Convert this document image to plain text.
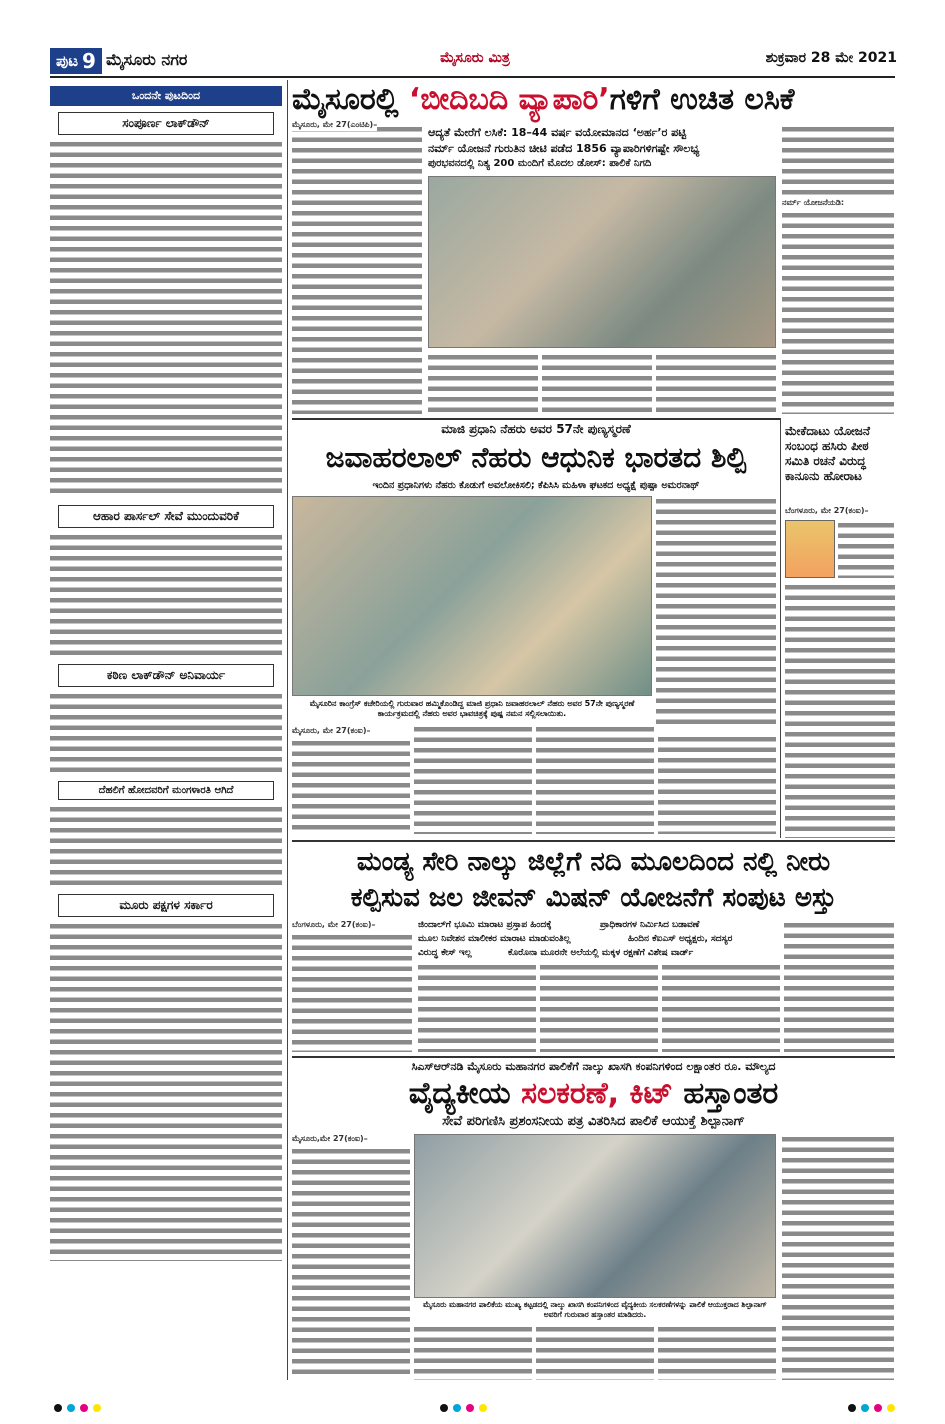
ಪುಟ 9 ಮೈಸೂರು ನಗರ	ಮೈಸೂರು ಮಿತ್ರ	ಶುಕ್ರವಾರ 28 ಮೇ 2021
ಒಂದನೇ ಪುಟದಿಂದ
ಸಂಪೂರ್ಣ ಲಾಕ್‌ಡೌನ್
ಆಹಾರ ಪಾರ್ಸಲ್ ಸೇವೆ ಮುಂದುವರಿಕೆ
ಕಠಿಣ ಲಾಕ್‌ಡೌನ್ ಅನಿವಾರ್ಯ
ದೆಹಲಿಗೆ ಹೋದವರಿಗೆ ಮಂಗಳಾರತಿ ಆಗಿದೆ
ಮೂರು ಪಕ್ಷಗಳ ಸರ್ಕಾರ
ಮೈಸೂರಲ್ಲಿ ‘ಬೀದಿಬದಿ ವ್ಯಾಪಾರಿ’ಗಳಿಗೆ ಉಚಿತ ಲಸಿಕೆ
ಮೈಸೂರು, ಮೇ 27(ಎಂಟಿಪಿ)–
ಆದ್ಯತೆ ಮೇರೆಗೆ ಲಸಿಕೆ: 18–44 ವರ್ಷ ವಯೋಮಾನದ ‘ಅರ್ಹ’ರ ಪಟ್ಟಿ
ನರ್ಮ್ ಯೋಜನೆ ಗುರುತಿನ ಚೀಟಿ ಪಡೆದ 1856 ವ್ಯಾಪಾರಿಗಳಿಗಷ್ಟೇ ಸೌಲಭ್ಯ
ಪುರಭವನದಲ್ಲಿ ನಿತ್ಯ 200 ಮಂದಿಗೆ ಮೊದಲ ಡೋಸ್: ಪಾಲಿಕೆ ನಿಗದಿ
ನರ್ಮ್ ಯೋಜನೆಯಡಿ:
ಮೇಕೆದಾಟು ಯೋಜನೆ ಸಂಬಂಧ ಹಸಿರು ಪೀಠ ಸಮಿತಿ ರಚನೆ ವಿರುದ್ಧ ಕಾನೂನು ಹೋರಾಟ
ಬೆಂಗಳೂರು, ಮೇ 27(ಕಂಐ)–
ಮಾಜಿ ಪ್ರಧಾನಿ ನೆಹರು ಅವರ 57ನೇ ಪುಣ್ಯಸ್ಮರಣೆ
ಜವಾಹರಲಾಲ್ ನೆಹರು ಆಧುನಿಕ ಭಾರತದ ಶಿಲ್ಪಿ
ಇಂದಿನ ಪ್ರಧಾನಿಗಳು ನೆಹರು ಕೊಡುಗೆ ಅವಲೋಕಿಸಲಿ; ಕೆಪಿಸಿಸಿ ಮಹಿಳಾ ಘಟಕದ ಅಧ್ಯಕ್ಷೆ ಪುಷ್ಪಾ ಅಮರನಾಥ್
ಮೈಸೂರಿನ ಕಾಂಗ್ರೆಸ್ ಕಚೇರಿಯಲ್ಲಿ ಗುರುವಾರ ಹಮ್ಮಿಕೊಂಡಿದ್ದ ಮಾಜಿ ಪ್ರಧಾನಿ ಜವಾಹರಲಾಲ್ ನೆಹರು ಅವರ 57ನೇ ಪುಣ್ಯಸ್ಮರಣೆ ಕಾರ್ಯಕ್ರಮದಲ್ಲಿ ನೆಹರು ಅವರ ಭಾವಚಿತ್ರಕ್ಕೆ ಪುಷ್ಪ ನಮನ ಸಲ್ಲಿಸಲಾಯಿತು.
ಮೈಸೂರು, ಮೇ 27(ಕಂಐ)–
ಮಂಡ್ಯ ಸೇರಿ ನಾಲ್ಕು ಜಿಲ್ಲೆಗೆ ನದಿ ಮೂಲದಿಂದ ನಲ್ಲಿ ನೀರು
ಕಲ್ಪಿಸುವ ಜಲ ಜೀವನ್ ಮಿಷನ್ ಯೋಜನೆಗೆ ಸಂಪುಟ ಅಸ್ತು
ಬೆಂಗಳೂರು, ಮೇ 27(ಕಂಐ)–	ಜಿಂದಾಲ್‌ಗೆ ಭೂಮಿ ಮಾರಾಟ ಪ್ರಸ್ತಾಪ ಹಿಂದಕ್ಕೆ	ಪ್ರಾಧಿಕಾರಗಳ ನಿರ್ಮಿಸಿದ ಬಡಾವಣೆ
ಮೂಲ ನಿವೇಶನ ಮಾಲೀಕರ ಮಾರಾಟ ಮಾಡುವಂತಿಲ್ಲ	ಹಿಂದಿನ ಕೆಐಎಸ್ ಅಧ್ಯಕ್ಷರು, ಸದಸ್ಯರ
ವಿರುದ್ಧ ಕೇಸ್ ಇಲ್ಲ	ಕೊರೊನಾ ಮೂರನೇ ಅಲೆಯಲ್ಲಿ ಮಕ್ಕಳ ರಕ್ಷಣೆಗೆ ವಿಶೇಷ ವಾರ್ಡ್
ಸಿಎಸ್‌ಆರ್‌ನಡಿ ಮೈಸೂರು ಮಹಾನಗರ ಪಾಲಿಕೆಗೆ ನಾಲ್ಕು ಖಾಸಗಿ ಕಂಪನಿಗಳಿಂದ ಲಕ್ಷಾಂತರ ರೂ. ಮೌಲ್ಯದ
ವೈದ್ಯಕೀಯ ಸಲಕರಣೆ, ಕಿಟ್ ಹಸ್ತಾಂತರ
ಸೇವೆ ಪರಿಗಣಿಸಿ ಪ್ರಶಂಸನೀಯ ಪತ್ರ ವಿತರಿಸಿದ ಪಾಲಿಕೆ ಆಯುಕ್ತೆ ಶಿಲ್ಪಾನಾಗ್
ಮೈಸೂರು,ಮೇ 27(ಕಂಐ)–
ಮೈಸೂರು ಮಹಾನಗರ ಪಾಲಿಕೆಯ ಮುಖ್ಯ ಕಟ್ಟಡದಲ್ಲಿ ನಾಲ್ಕು ಖಾಸಗಿ ಕಂಪನಿಗಳಿಂದ ವೈದ್ಯಕೀಯ ಸಲಕರಣೆಗಳನ್ನು ಪಾಲಿಕೆ ಆಯುಕ್ತರಾದ ಶಿಲ್ಪಾನಾಗ್ ಅವರಿಗೆ ಗುರುವಾರ ಹಸ್ತಾಂತರ ಮಾಡಿದರು.
